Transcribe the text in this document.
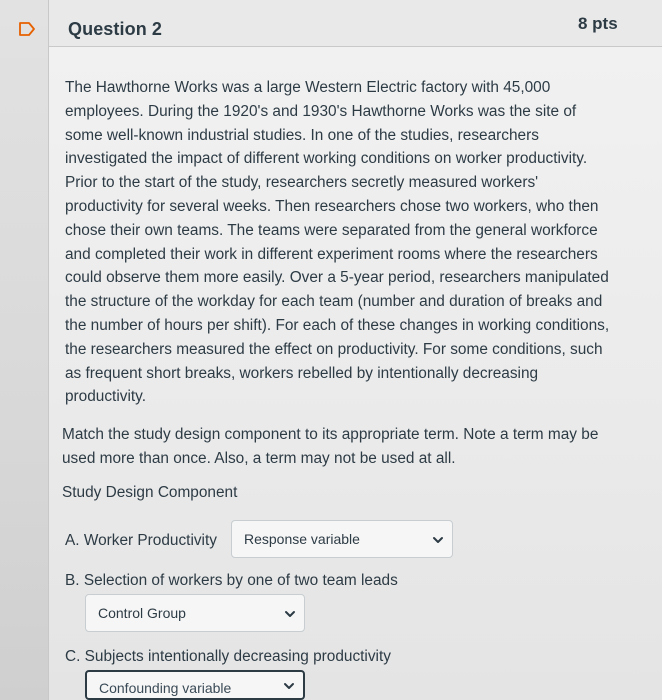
Question 2	8 pts
The Hawthorne Works was a large Western Electric factory with 45,000
employees. During the 1920's and 1930's Hawthorne Works was the site of
some well-known industrial studies. In one of the studies, researchers
investigated the impact of different working conditions on worker productivity.
Prior to the start of the study, researchers secretly measured workers'
productivity for several weeks. Then researchers chose two workers, who then
chose their own teams. The teams were separated from the general workforce
and completed their work in different experiment rooms where the researchers
could observe them more easily. Over a 5-year period, researchers manipulated
the structure of the workday for each team (number and duration of breaks and
the number of hours per shift). For each of these changes in working conditions,
the researchers measured the effect on productivity. For some conditions, such
as frequent short breaks, workers rebelled by intentionally decreasing
productivity.
Match the study design component to its appropriate term. Note a term may be
used more than once. Also, a term may not be used at all.
Study Design Component
A. Worker Productivity Response variable
B. Selection of workers by one of two team leads
Control Group
C. Subjects intentionally decreasing productivity
Confounding variable
